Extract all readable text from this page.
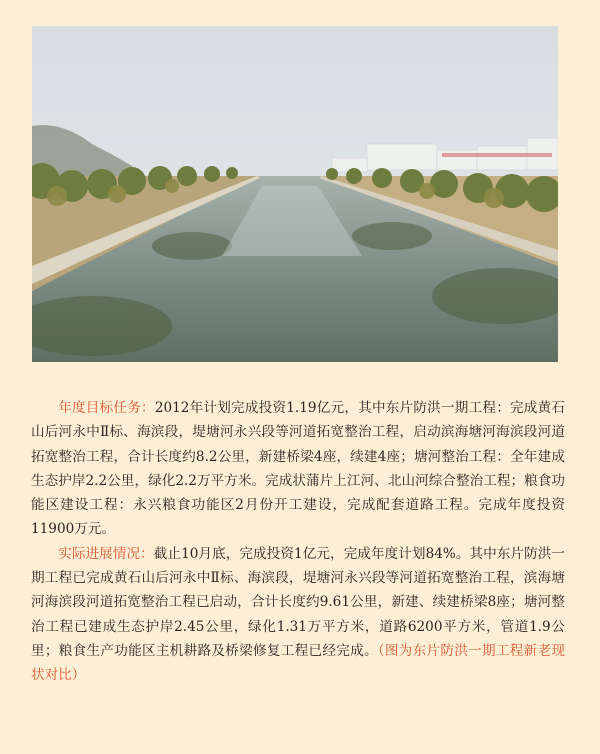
年度目标任务：2012年计划完成投资1.19亿元，其中东片防洪一期工程：完成黄石山后河永中Ⅱ标、海滨段，堤塘河永兴段等河道拓宽整治工程，启动滨海塘河海滨段河道拓宽整治工程，合计长度约8.2公里，新建桥梁4座，续建4座；塘河整治工程：全年建成生态护岸2.2公里，绿化2.2万平方米。完成状蒲片上江河、北山河综合整治工程；粮食功能区建设工程：永兴粮食功能区2月份开工建设，完成配套道路工程。完成年度投资11900万元。

实际进展情况：截止10月底，完成投资1亿元，完成年度计划84%。其中东片防洪一期工程已完成黄石山后河永中Ⅱ标、海滨段，堤塘河永兴段等河道拓宽整治工程，滨海塘河海滨段河道拓宽整治工程已启动，合计长度约9.61公里，新建、续建桥梁8座；塘河整治工程已建成生态护岸2.45公里，绿化1.31万平方米，道路6200平方米，管道1.9公里；粮食生产功能区主机耕路及桥梁修复工程已经完成。（图为东片防洪一期工程新老现状对比）
